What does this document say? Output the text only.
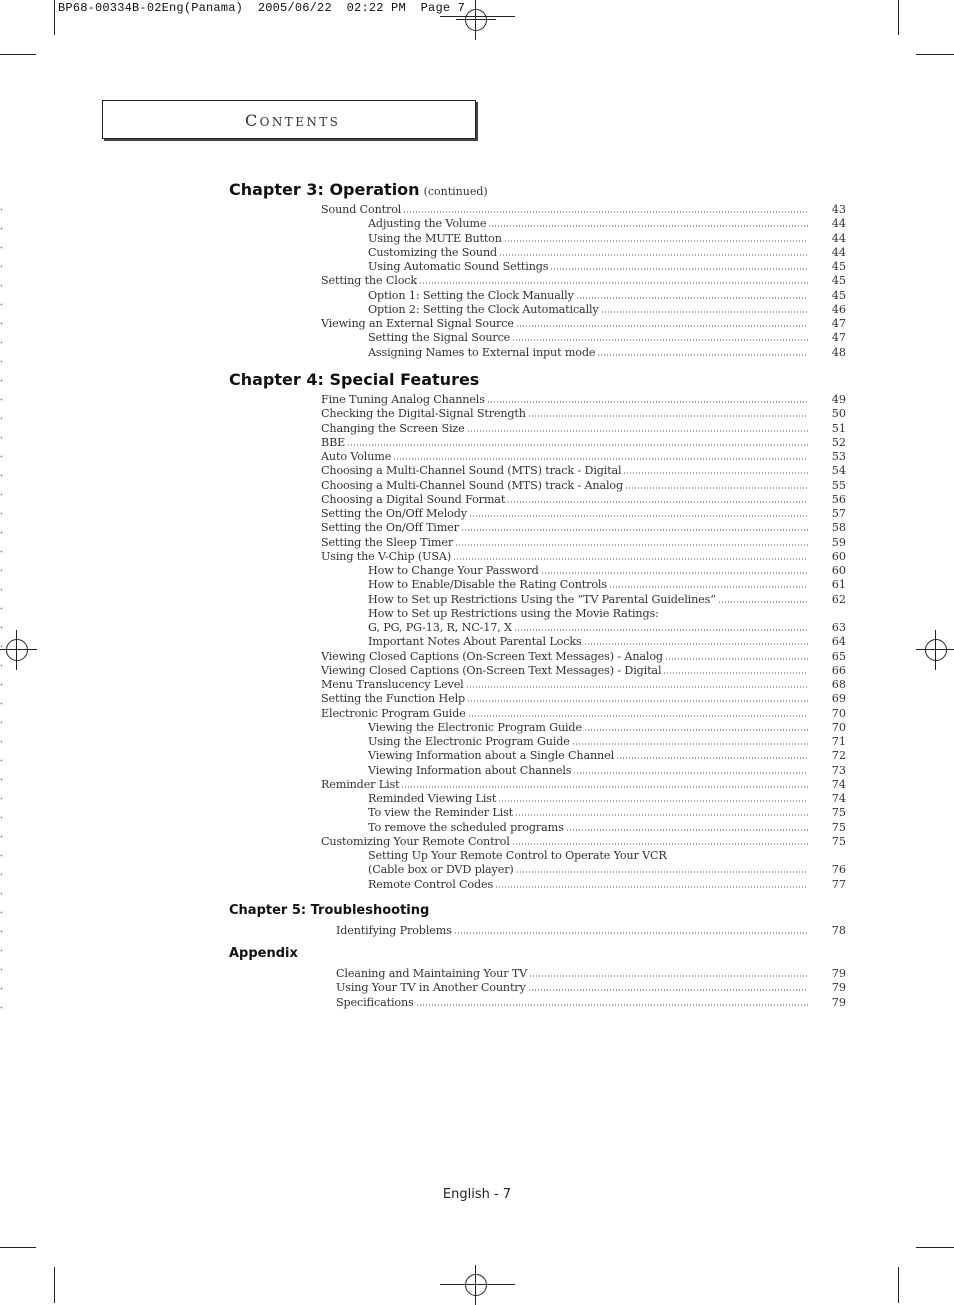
BP68-00334B-02Eng(Panama)  2005/06/22  02:22 PM  Page 7
CONTENTS
Chapter 3: Operation (continued)
Chapter 4: Special Features
Chapter 5: Troubleshooting
Appendix
Sound Control	43
Adjusting the Volume	44
Using the MUTE Button	44
Customizing the Sound	44
Using Automatic Sound Settings	45
Setting the Clock	45
Option 1: Setting the Clock Manually	45
Option 2: Setting the Clock Automatically	46
Viewing an External Signal Source	47
Setting the Signal Source	47
Assigning Names to External input mode	48
Fine Tuning Analog Channels	49
Checking the Digital-Signal Strength	50
Changing the Screen Size	51
BBE	52
Auto Volume	53
Choosing a Multi-Channel Sound (MTS) track - Digital	54
Choosing a Multi-Channel Sound (MTS) track - Analog	55
Choosing a Digital Sound Format	56
Setting the On/Off Melody	57
Setting the On/Off Timer	58
Setting the Sleep Timer	59
Using the V-Chip (USA)	60
How to Change Your Password	60
How to Enable/Disable the Rating Controls	61
How to Set up Restrictions Using the “TV Parental Guidelines”	62
How to Set up Restrictions using the Movie Ratings:
G, PG, PG-13, R, NC-17, X	63
Important Notes About Parental Locks	64
Viewing Closed Captions (On-Screen Text Messages) - Analog	65
Viewing Closed Captions (On-Screen Text Messages) - Digital	66
Menu Translucency Level	68
Setting the Function Help	69
Electronic Program Guide	70
Viewing the Electronic Program Guide	70
Using the Electronic Program Guide	71
Viewing Information about a Single Channel	72
Viewing Information about Channels	73
Reminder List	74
Reminded Viewing List	74
To view the Reminder List	75
To remove the scheduled programs	75
Customizing Your Remote Control	75
Setting Up Your Remote Control to Operate Your VCR
(Cable box or DVD player)	76
Remote Control Codes	77
Identifying Problems	78
Cleaning and Maintaining Your TV	79
Using Your TV in Another Country	79
Specifications	79
English - 7
